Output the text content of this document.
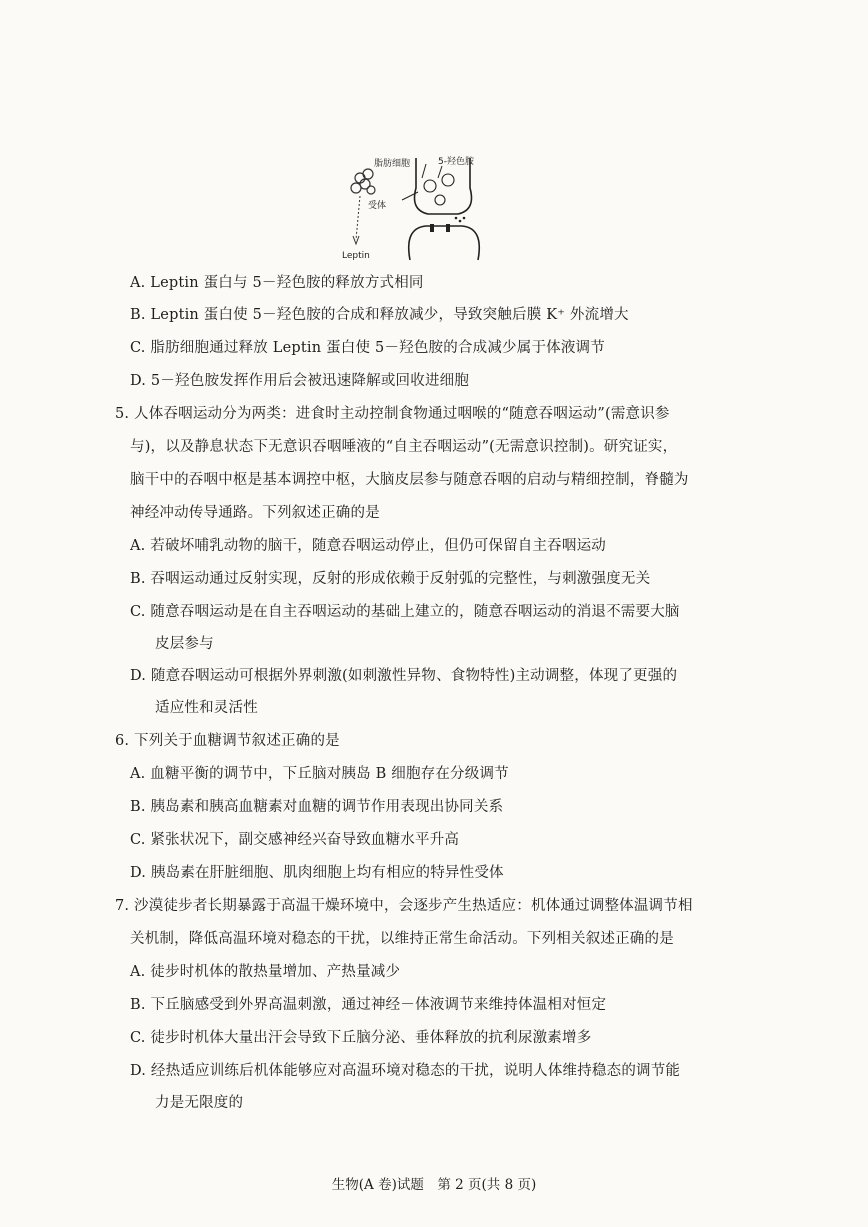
脂肪细胞	5-羟色胺
受体
Leptin
A. Leptin 蛋白与 5－羟色胺的释放方式相同
B. Leptin 蛋白使 5－羟色胺的合成和释放减少，导致突触后膜 K⁺ 外流增大
C. 脂肪细胞通过释放 Leptin 蛋白使 5－羟色胺的合成减少属于体液调节
D. 5－羟色胺发挥作用后会被迅速降解或回收进细胞
5. 人体吞咽运动分为两类：进食时主动控制食物通过咽喉的“随意吞咽运动”(需意识参
与)，以及静息状态下无意识吞咽唾液的“自主吞咽运动”(无需意识控制)。研究证实，
脑干中的吞咽中枢是基本调控中枢，大脑皮层参与随意吞咽的启动与精细控制，脊髓为
神经冲动传导通路。下列叙述正确的是
A. 若破坏哺乳动物的脑干，随意吞咽运动停止，但仍可保留自主吞咽运动
B. 吞咽运动通过反射实现，反射的形成依赖于反射弧的完整性，与刺激强度无关
C. 随意吞咽运动是在自主吞咽运动的基础上建立的，随意吞咽运动的消退不需要大脑
皮层参与
D. 随意吞咽运动可根据外界刺激(如刺激性异物、食物特性)主动调整，体现了更强的
适应性和灵活性
6. 下列关于血糖调节叙述正确的是
A. 血糖平衡的调节中，下丘脑对胰岛 B 细胞存在分级调节
B. 胰岛素和胰高血糖素对血糖的调节作用表现出协同关系
C. 紧张状况下，副交感神经兴奋导致血糖水平升高
D. 胰岛素在肝脏细胞、肌肉细胞上均有相应的特异性受体
7. 沙漠徒步者长期暴露于高温干燥环境中，会逐步产生热适应：机体通过调整体温调节相
关机制，降低高温环境对稳态的干扰，以维持正常生命活动。下列相关叙述正确的是
A. 徒步时机体的散热量增加、产热量减少
B. 下丘脑感受到外界高温刺激，通过神经－体液调节来维持体温相对恒定
C. 徒步时机体大量出汗会导致下丘脑分泌、垂体释放的抗利尿激素增多
D. 经热适应训练后机体能够应对高温环境对稳态的干扰，说明人体维持稳态的调节能
力是无限度的
生物(A 卷)试题　第 2 页(共 8 页)
